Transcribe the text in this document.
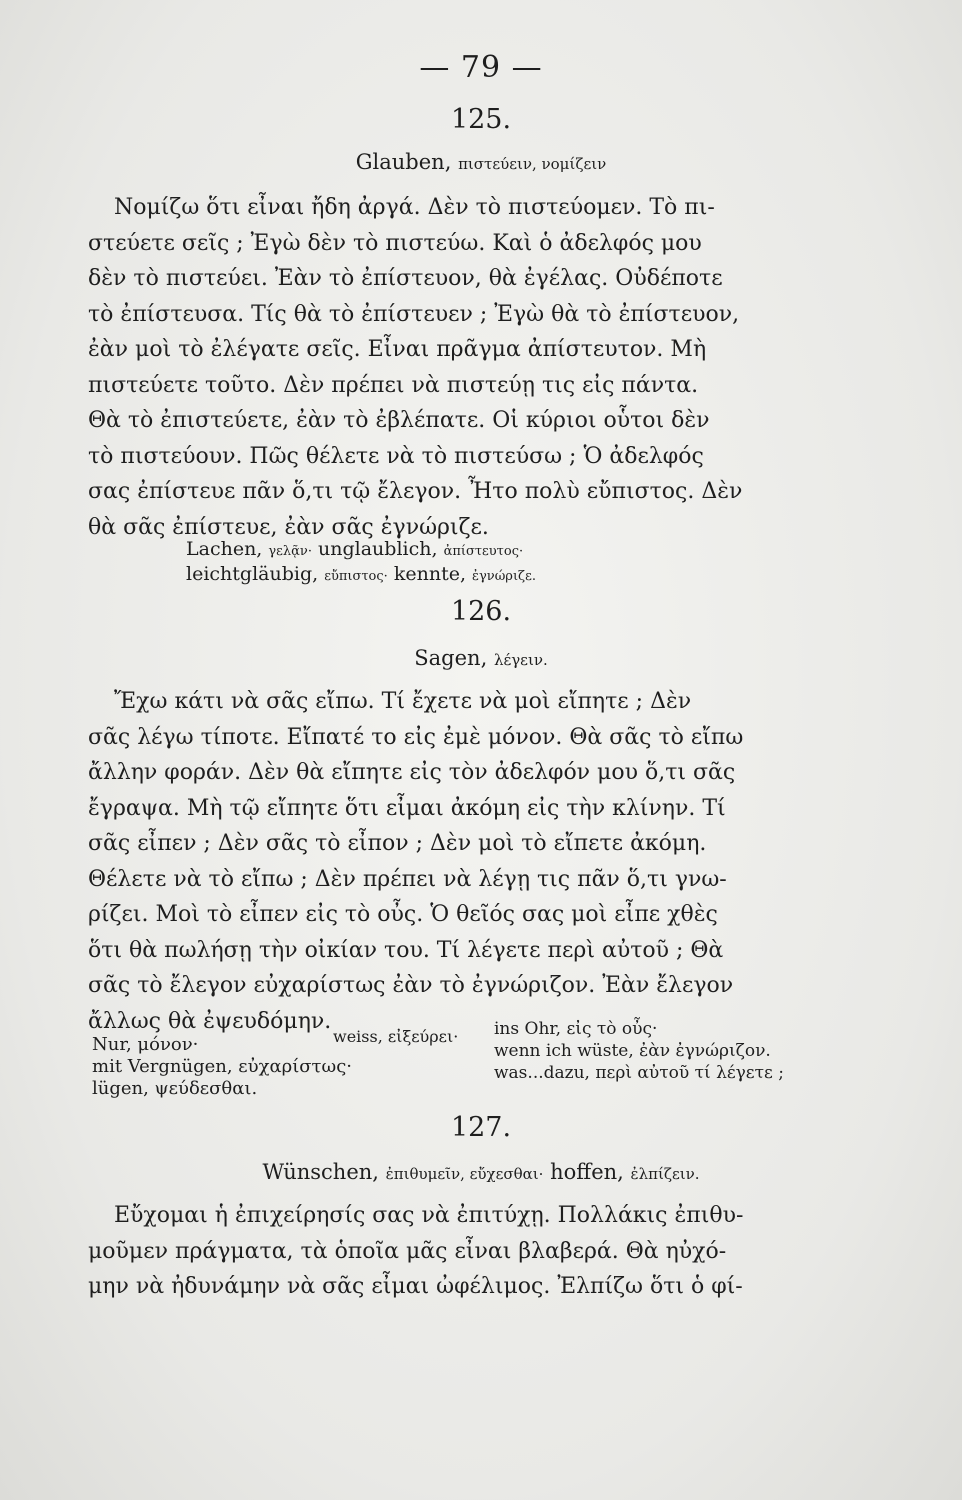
— 79 —
125.
Glauben, πιστεύειν, νομίζειν

Νομίζω ὅτι εἶναι ἤδη ἀργά. Δὲν τὸ πιστεύομεν. Τὸ πι-
στεύετε σεῖς ; Ἐγὼ δὲν τὸ πιστεύω. Καὶ ὁ ἀδελφός μου
δὲν τὸ πιστεύει. Ἐὰν τὸ ἐπίστευον, θὰ ἐγέλας. Οὐδέποτε
τὸ ἐπίστευσα. Τίς θὰ τὸ ἐπίστευεν ; Ἐγὼ θὰ τὸ ἐπίστευον,
ἐὰν μοὶ τὸ ἐλέγατε σεῖς. Εἶναι πρᾶγμα ἀπίστευτον. Μὴ
πιστεύετε τοῦτο. Δὲν πρέπει νὰ πιστεύῃ τις εἰς πάντα.
Θὰ τὸ ἐπιστεύετε, ἐὰν τὸ ἐβλέπατε. Οἱ κύριοι οὗτοι δὲν
τὸ πιστεύουν. Πῶς θέλετε νὰ τὸ πιστεύσω ; Ὁ ἀδελφός
σας ἐπίστευε πᾶν ὅ,τι τῷ ἔλεγον. Ἦτο πολὺ εὔπιστος. Δὲν
θὰ σᾶς ἐπίστευε, ἐὰν σᾶς ἐγνώριζε.

Lachen, γελᾷν· unglaublich, ἀπίστευτος·
leichtgläubig, εὔπιστος· kennte, ἐγνώριζε.
126.
Sagen, λέγειν.

Ἔχω κάτι νὰ σᾶς εἴπω. Τί ἔχετε νὰ μοὶ εἴπητε ; Δὲν
σᾶς λέγω τίποτε. Εἴπατέ το εἰς ἐμὲ μόνον. Θὰ σᾶς τὸ εἴπω
ἄλλην φοράν. Δὲν θὰ εἴπητε εἰς τὸν ἀδελφόν μου ὅ,τι σᾶς
ἔγραψα. Μὴ τῷ εἴπητε ὅτι εἶμαι ἀκόμη εἰς τὴν κλίνην. Τί
σᾶς εἶπεν ; Δὲν σᾶς τὸ εἶπον ; Δὲν μοὶ τὸ εἴπετε ἀκόμη.
Θέλετε νὰ τὸ εἴπω ; Δὲν πρέπει νὰ λέγῃ τις πᾶν ὅ,τι γνω-
ρίζει. Μοὶ τὸ εἶπεν εἰς τὸ οὖς. Ὁ θεῖός σας μοὶ εἶπε χθὲς
ὅτι θὰ πωλήσῃ τὴν οἰκίαν του. Τί λέγετε περὶ αὐτοῦ ; Θὰ
σᾶς τὸ ἔλεγον εὐχαρίστως ἐὰν τὸ ἐγνώριζον. Ἐὰν ἔλεγον
ἄλλως θὰ ἐψευδόμην.

Nur, μόνον·
mit Vergnügen, εὐχαρίστως·
lügen, ψεύδεσθαι.
weiss, εἰξεύρει· ins Ohr, εἰς τὸ οὖς·
wenn ich wüste, ἐὰν ἐγνώριζον.
was...dazu, περὶ αὐτοῦ τί λέγετε ;
127.
Wünschen, ἐπιθυμεῖν, εὔχεσθαι· hoffen, ἐλπίζειν.

Εὔχομαι ἡ ἐπιχείρησίς σας νὰ ἐπιτύχῃ. Πολλάκις ἐπιθυ-
μοῦμεν πράγματα, τὰ ὁποῖα μᾶς εἶναι βλαβερά. Θὰ ηὐχό-
μην νὰ ἠδυνάμην νὰ σᾶς εἶμαι ὠφέλιμος. Ἐλπίζω ὅτι ὁ φί-
